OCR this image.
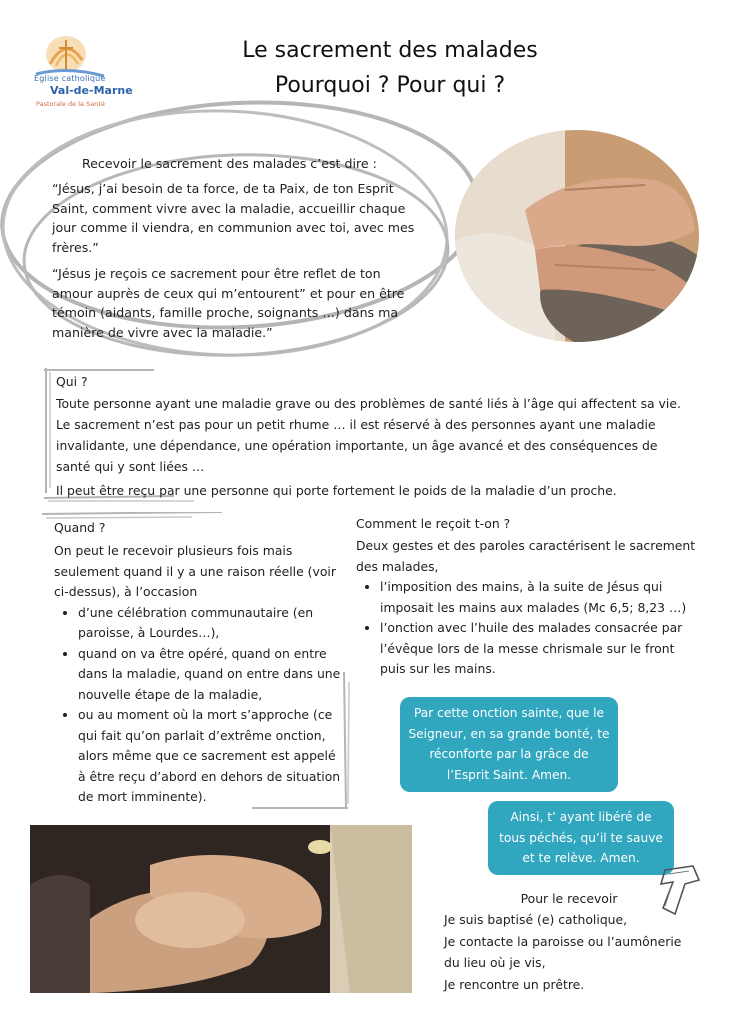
Eglise catholique
Val-de-Marne
Pastorale de la Santé
Le sacrement des malades
Pourquoi ? Pour qui ?
Recevoir le sacrement des malades c’est dire :
“Jésus, j’ai besoin de ta force, de ta Paix, de ton Esprit Saint, comment vivre avec la maladie, accueillir chaque jour comme il viendra, en communion avec toi, avec mes frères.”
“Jésus je reçois ce sacrement pour être reflet de ton amour auprès de ceux qui m’entourent” et pour en être témoin (aidants, famille proche, soignants …) dans ma manière de vivre avec la maladie.”
Qui ?
Toute personne ayant une maladie grave ou des problèmes de santé liés à l’âge qui affectent sa vie. Le sacrement n’est pas pour un petit rhume … il est réservé à des personnes ayant une maladie invalidante, une dépendance, une opération importante, un âge avancé et des conséquences de santé qui y sont liées …
Il peut être reçu par une personne qui porte fortement le poids de la maladie d’un proche.
Quand ?
On peut le recevoir plusieurs fois mais seulement quand il y a une raison réelle (voir ci-dessus), à l’occasion
• d’une célébration communautaire (en paroisse, à Lourdes…),
• quand on va être opéré, quand on entre dans la maladie, quand on entre dans une nouvelle étape de la maladie,
• ou au moment où la mort s’approche (ce qui fait qu’on parlait d’extrême onction, alors même que ce sacrement est appelé à être reçu d’abord en dehors de situation de mort imminente).
Comment le reçoit t-on ?
Deux gestes et des paroles caractérisent le sacrement des malades,
• l’imposition des mains, à la suite de Jésus qui imposait les mains aux malades (Mc 6,5; 8,23 …)
• l’onction avec l’huile des malades consacrée par l’évêque lors de la messe chrismale sur le front puis sur les mains.
Par cette onction sainte, que le Seigneur, en sa grande bonté, te réconforte par la grâce de l’Esprit Saint. Amen.
Ainsi, t’ ayant libéré de tous péchés, qu’il te sauve et te relève. Amen.
Pour le recevoir
Je suis baptisé (e) catholique,
Je contacte la paroisse ou l’aumônerie
du lieu où je vis,
Je rencontre un prêtre.
